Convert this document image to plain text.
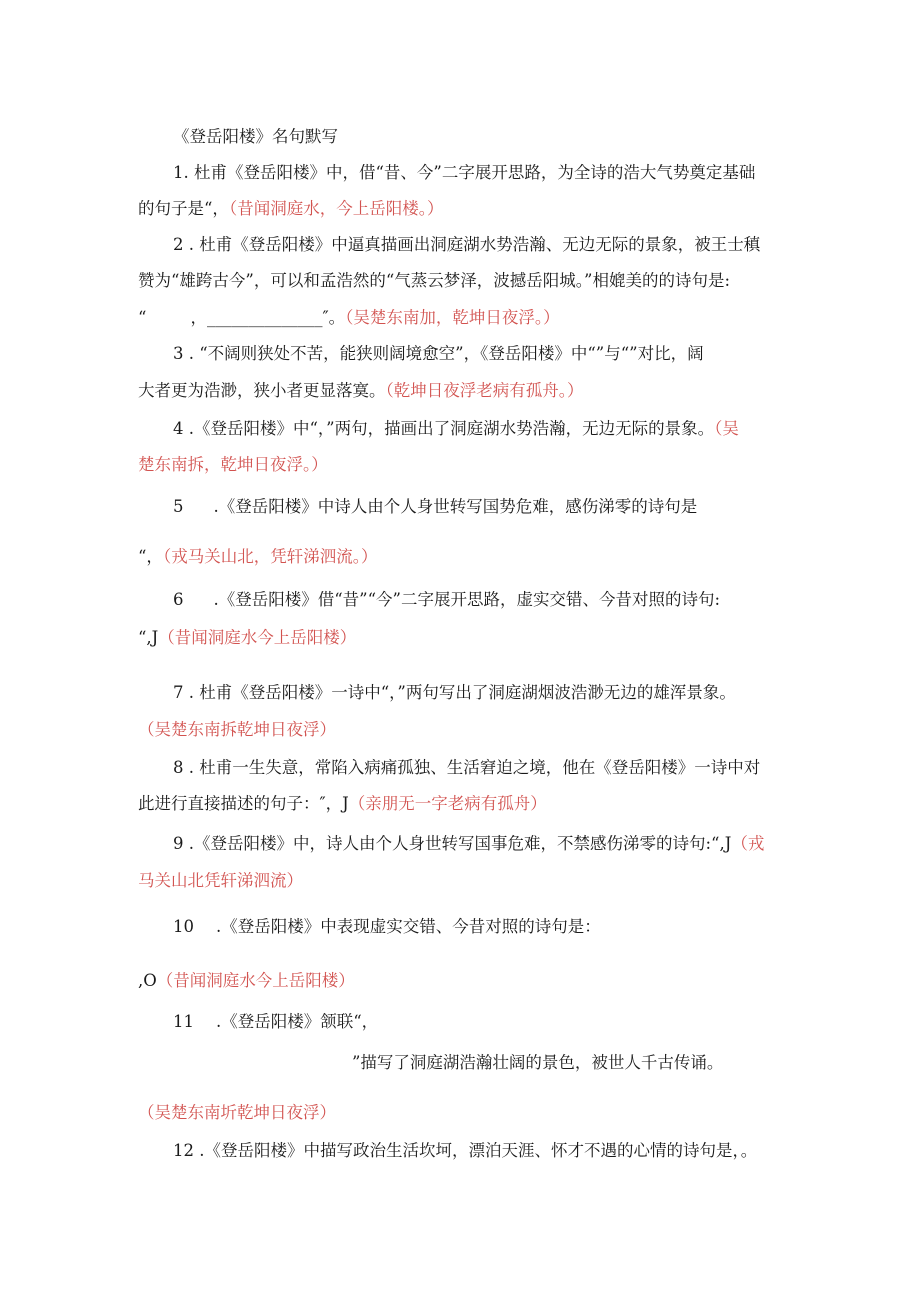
《登岳阳楼》名句默写
1. 杜甫《登岳阳楼》中，借“昔、今”二字展开思路，为全诗的浩大气势奠定基础
的句子是“，（昔闻洞庭水，今上岳阳楼。）
2 . 杜甫《登岳阳楼》中逼真描画出洞庭湖水势浩瀚、无边无际的景象，被王士稹
赞为“雄跨古今”，可以和孟浩然的“气蒸云梦泽，波撼岳阳城。”相媲美的的诗句是:
“	，______________″。（吴楚东南加，乾坤日夜浮。）
3 . “不阔则狭处不苦，能狭则阔境愈空”，《登岳阳楼》中“”与“”对比，阔
大者更为浩渺，狭小者更显落寞。（乾坤日夜浮老病有孤舟。）
4 .《登岳阳楼》中“，”两句，描画出了洞庭湖水势浩瀚，无边无际的景象。（吴
楚东南拆，乾坤日夜浮。）
5 .《登岳阳楼》中诗人由个人身世转写国势危难，感伤涕零的诗句是
“，（戎马关山北，凭轩涕泗流。）
6 .《登岳阳楼》借“昔”“今”二字展开思路，虚实交错、今昔对照的诗句:
“,J（昔闻洞庭水今上岳阳楼）
7 . 杜甫《登岳阳楼》一诗中“，”两句写出了洞庭湖烟波浩渺无边的雄浑景象。
（吴楚东南拆乾坤日夜浮）
8 . 杜甫一生失意，常陷入病痛孤独、生活窘迫之境，他在《登岳阳楼》一诗中对
此进行直接描述的句子：″，J（亲朋无一字老病有孤舟）
9 .《登岳阳楼》中，诗人由个人身世转写国事危难，不禁感伤涕零的诗句:“,J（戎
马关山北凭轩涕泗流）
10 .《登岳阳楼》中表现虚实交错、今昔对照的诗句是：
,O（昔闻洞庭水今上岳阳楼）
11 .《登岳阳楼》颔联“，
”描写了洞庭湖浩瀚壮阔的景色，被世人千古传诵。
（吴楚东南圻乾坤日夜浮）
12 .《登岳阳楼》中描写政治生活坎坷，漂泊天涯、怀才不遇的心情的诗句是，。
